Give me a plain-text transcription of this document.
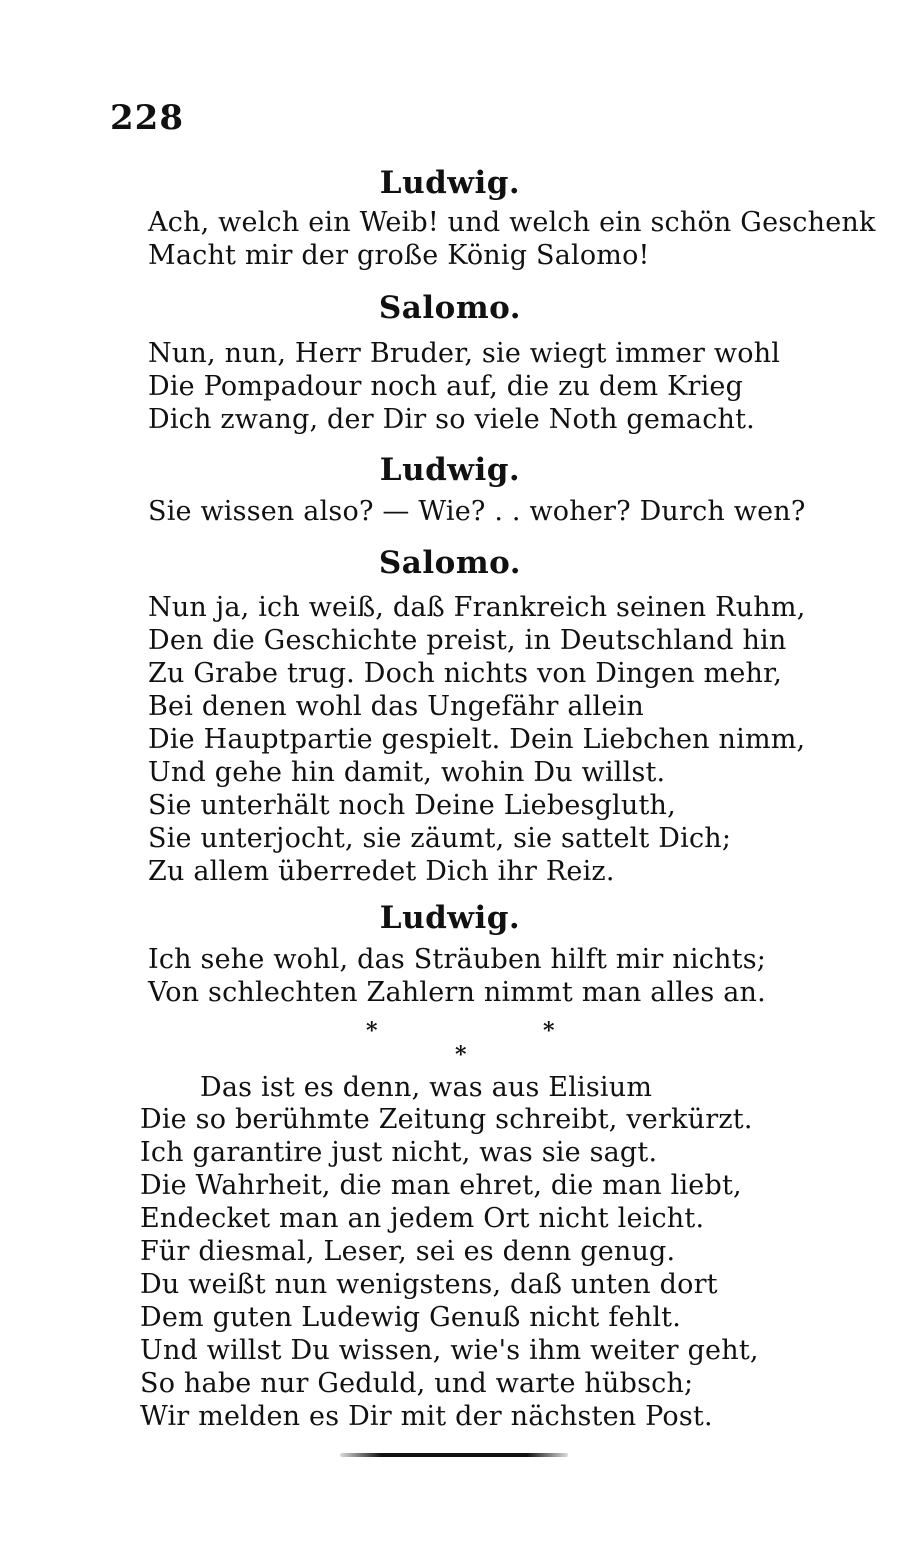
228
Ludwig.
Ach, welch ein Weib! und welch ein schön Geschenk
Macht mir der große König Salomo!
Salomo.
Nun, nun, Herr Bruder, sie wiegt immer wohl
Die Pompadour noch auf, die zu dem Krieg
Dich zwang, der Dir so viele Noth gemacht.
Ludwig.
Sie wissen also? — Wie? . . woher? Durch wen?
Salomo.
Nun ja, ich weiß, daß Frankreich seinen Ruhm,
Den die Geschichte preist, in Deutschland hin
Zu Grabe trug. Doch nichts von Dingen mehr,
Bei denen wohl das Ungefähr allein
Die Hauptpartie gespielt. Dein Liebchen nimm,
Und gehe hin damit, wohin Du willst.
Sie unterhält noch Deine Liebesgluth,
Sie unterjocht, sie zäumt, sie sattelt Dich;
Zu allem überredet Dich ihr Reiz.
Ludwig.
Ich sehe wohl, das Sträuben hilft mir nichts;
Von schlechten Zahlern nimmt man alles an.
*	*
*
Das ist es denn, was aus Elisium
Die so berühmte Zeitung schreibt, verkürzt.
Ich garantire just nicht, was sie sagt.
Die Wahrheit, die man ehret, die man liebt,
Endecket man an jedem Ort nicht leicht.
Für diesmal, Leser, sei es denn genug.
Du weißt nun wenigstens, daß unten dort
Dem guten Ludewig Genuß nicht fehlt.
Und willst Du wissen, wie's ihm weiter geht,
So habe nur Geduld, und warte hübsch;
Wir melden es Dir mit der nächsten Post.
